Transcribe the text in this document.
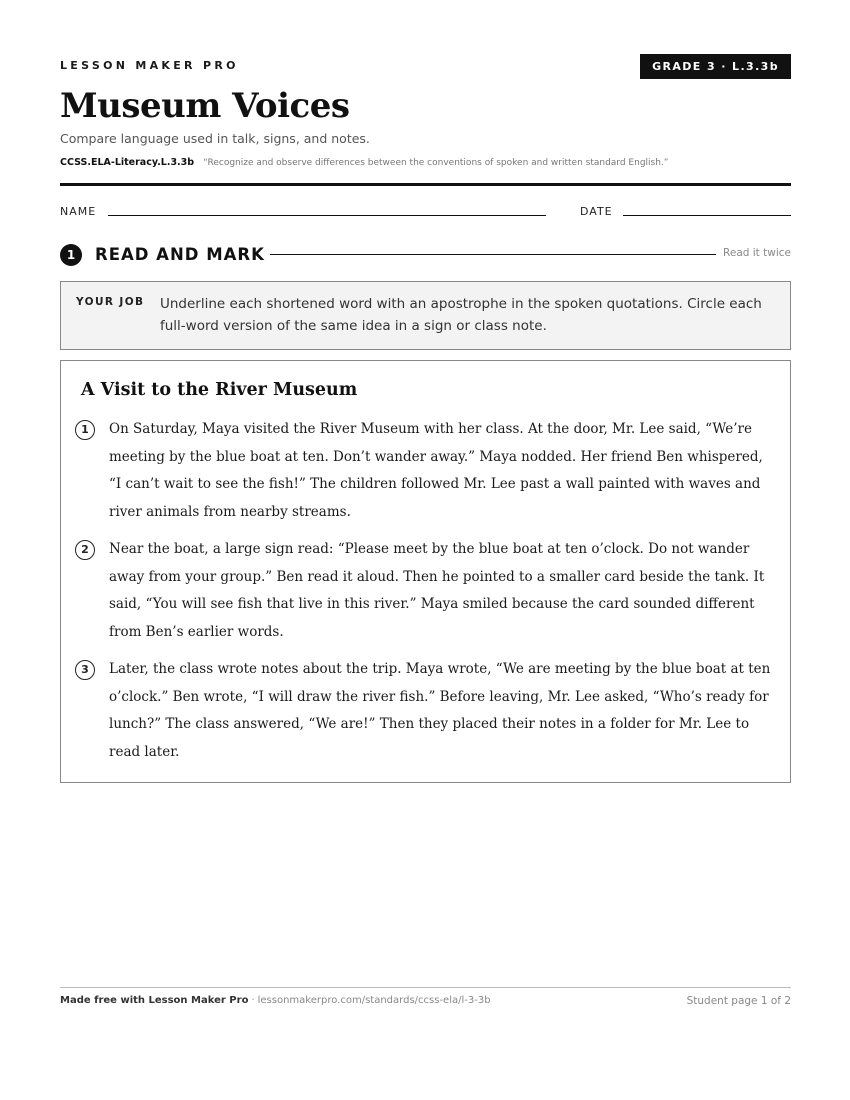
LESSON MAKER PRO	GRADE 3 · L.3.3b
Museum Voices
Compare language used in talk, signs, and notes.
CCSS.ELA-Literacy.L.3.3b “Recognize and observe differences between the conventions of spoken and written standard English.”
NAME	DATE
1	READ AND MARK	Read it twice
YOUR JOB Underline each shortened word with an apostrophe in the spoken quotations. Circle each full-word version of the same idea in a sign or class note.
A Visit to the River Museum
1	On Saturday, Maya visited the River Museum with her class. At the door, Mr. Lee said, “We’re meeting by the blue boat at ten. Don’t wander away.” Maya nodded. Her friend Ben whispered, “I can’t wait to see the fish!” The children followed Mr. Lee past a wall painted with waves and river animals from nearby streams.

2	Near the boat, a large sign read: “Please meet by the blue boat at ten o’clock. Do not wander away from your group.” Ben read it aloud. Then he pointed to a smaller card beside the tank. It said, “You will see fish that live in this river.” Maya smiled because the card sounded different from Ben’s earlier words.

3	Later, the class wrote notes about the trip. Maya wrote, “We are meeting by the blue boat at ten o’clock.” Ben wrote, “I will draw the river fish.” Before leaving, Mr. Lee asked, “Who’s ready for lunch?” The class answered, “We are!” Then they placed their notes in a folder for Mr. Lee to read later.

Made free with Lesson Maker Pro · lessonmakerpro.com/standards/ccss-ela/l-3-3b	Student page 1 of 2
